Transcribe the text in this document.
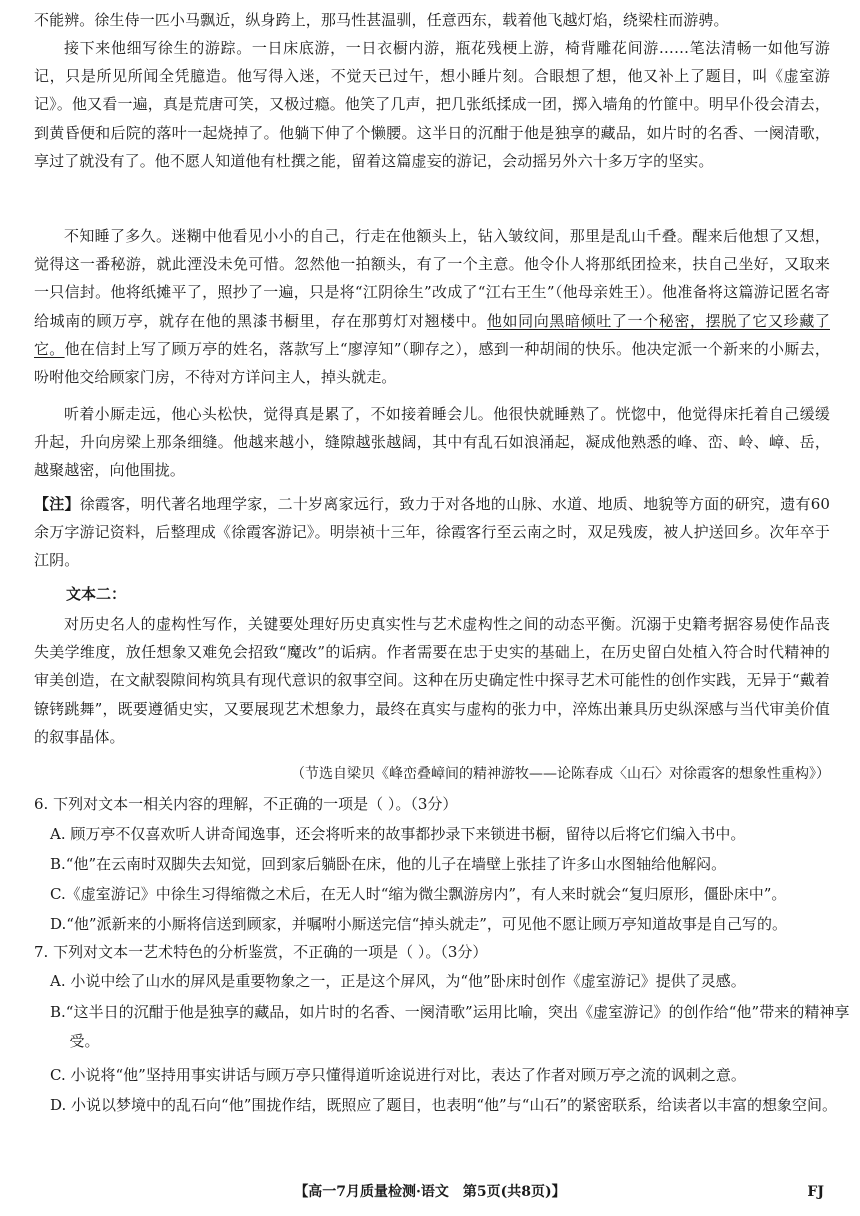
不能辨。徐生侍一匹小马飘近，纵身跨上，那马性甚温驯，任意西东，载着他飞越灯焰，绕梁柱而游骋。
接下来他细写徐生的游踪。一日床底游，一日衣橱内游，瓶花残梗上游，椅背雕花间游……笔法清畅一如他写游记，只是所见所闻全凭臆造。他写得入迷，不觉天已过午，想小睡片刻。合眼想了想，他又补上了题目，叫《虚室游记》。他又看一遍，真是荒唐可笑，又极过瘾。他笑了几声，把几张纸揉成一团，掷入墙角的竹篚中。明早仆役会清去，到黄昏便和后院的落叶一起烧掉了。他躺下伸了个懒腰。这半日的沉酣于他是独享的藏品，如片时的名香、一阕清歌，享过了就没有了。他不愿人知道他有杜撰之能，留着这篇虚妄的游记，会动摇另外六十多万字的坚实。
不知睡了多久。迷糊中他看见小小的自己，行走在他额头上，钻入皱纹间，那里是乱山千叠。醒来后他想了又想，觉得这一番秘游，就此湮没未免可惜。忽然他一拍额头，有了一个主意。他令仆人将那纸团捡来，扶自己坐好，又取来一只信封。他将纸摊平了，照抄了一遍，只是将“江阴徐生”改成了“江右王生”（他母亲姓王）。他准备将这篇游记匿名寄给城南的顾万亭，就存在他的黑漆书橱里，存在那剪灯对翘楼中。他如同向黑暗倾吐了一个秘密，摆脱了它又珍藏了它。他在信封上写了顾万亭的姓名，落款写上“廖淳知”（聊存之），感到一种胡闹的快乐。他决定派一个新来的小厮去，吩咐他交给顾家门房，不待对方详问主人，掉头就走。
听着小厮走远，他心头松快，觉得真是累了，不如接着睡会儿。他很快就睡熟了。恍惚中，他觉得床托着自己缓缓升起，升向房梁上那条细缝。他越来越小，缝隙越张越阔，其中有乱石如浪涌起，凝成他熟悉的峰、峦、岭、嶂、岳，越聚越密，向他围拢。
【注】徐霞客，明代著名地理学家，二十岁离家远行，致力于对各地的山脉、水道、地质、地貌等方面的研究，遗有60余万字游记资料，后整理成《徐霞客游记》。明崇祯十三年，徐霞客行至云南之时，双足残废，被人护送回乡。次年卒于江阴。
文本二：
对历史名人的虚构性写作，关键要处理好历史真实性与艺术虚构性之间的动态平衡。沉溺于史籍考据容易使作品丧失美学维度，放任想象又难免会招致“魔改”的诟病。作者需要在忠于史实的基础上，在历史留白处植入符合时代精神的审美创造，在文献裂隙间构筑具有现代意识的叙事空间。这种在历史确定性中探寻艺术可能性的创作实践，无异于“戴着镣铐跳舞”，既要遵循史实，又要展现艺术想象力，最终在真实与虚构的张力中，淬炼出兼具历史纵深感与当代审美价值的叙事晶体。
（节选自梁贝《峰峦叠嶂间的精神游牧——论陈春成〈山石〉对徐霞客的想象性重构》）
6. 下列对文本一相关内容的理解，不正确的一项是（ ）。（3分）
A. 顾万亭不仅喜欢听人讲奇闻逸事，还会将听来的故事都抄录下来锁进书橱，留待以后将它们编入书中。
B.“他”在云南时双脚失去知觉，回到家后躺卧在床，他的儿子在墙壁上张挂了许多山水图轴给他解闷。
C.《虚室游记》中徐生习得缩微之术后，在无人时“缩为微尘飘游房内”，有人来时就会“复归原形，僵卧床中”。
D.“他”派新来的小厮将信送到顾家，并嘱咐小厮送完信“掉头就走”，可见他不愿让顾万亭知道故事是自己写的。
7. 下列对文本一艺术特色的分析鉴赏，不正确的一项是（ ）。（3分）
A. 小说中绘了山水的屏风是重要物象之一，正是这个屏风，为“他”卧床时创作《虚室游记》提供了灵感。
B.“这半日的沉酣于他是独享的藏品，如片时的名香、一阕清歌”运用比喻，突出《虚室游记》的创作给“他”带来的精神享受。
C. 小说将“他”坚持用事实讲话与顾万亭只懂得道听途说进行对比，表达了作者对顾万亭之流的讽刺之意。
D. 小说以梦境中的乱石向“他”围拢作结，既照应了题目，也表明“他”与“山石”的紧密联系，给读者以丰富的想象空间。
【高一7月质量检测·语文　第5页(共8页)】	FJ
